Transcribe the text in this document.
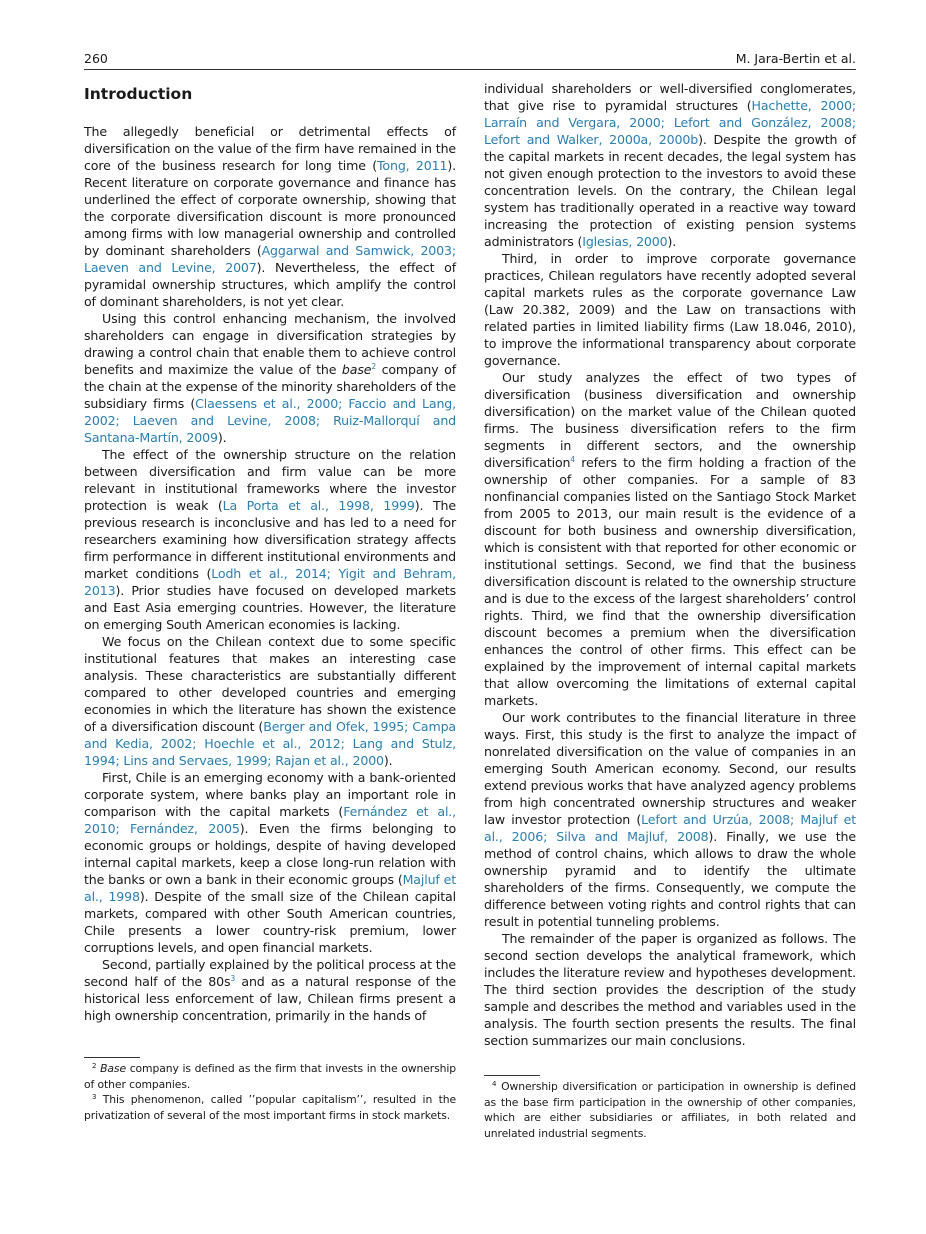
260	M. Jara-Bertin et al.
Introduction

The allegedly beneficial or detrimental effects of diversification on the value of the firm have remained in the core of the business research for long time (Tong, 2011). Recent literature on corporate governance and finance has underlined the effect of corporate ownership, showing that the corporate diversification discount is more pronounced among firms with low managerial ownership and controlled by dominant shareholders (Aggarwal and Samwick, 2003; Laeven and Levine, 2007). Nevertheless, the effect of pyramidal ownership structures, which amplify the control of dominant shareholders, is not yet clear.

Using this control enhancing mechanism, the involved shareholders can engage in diversification strategies by drawing a control chain that enable them to achieve control benefits and maximize the value of the base$^2$ company of the chain at the expense of the minority shareholders of the subsidiary firms (Claessens et al., 2000; Faccio and Lang, 2002; Laeven and Levine, 2008; Ruiz-Mallorquí and Santana-Martín, 2009).

The effect of the ownership structure on the relation between diversification and firm value can be more relevant in institutional frameworks where the investor protection is weak (La Porta et al., 1998, 1999). The previous research is inconclusive and has led to a need for researchers examining how diversification strategy affects firm performance in different institutional environments and market conditions (Lodh et al., 2014; Yigit and Behram, 2013). Prior studies have focused on developed markets and East Asia emerging countries. However, the literature on emerging South American economies is lacking.

We focus on the Chilean context due to some specific institutional features that makes an interesting case analysis. These characteristics are substantially different compared to other developed countries and emerging economies in which the literature has shown the existence of a diversification discount (Berger and Ofek, 1995; Campa and Kedia, 2002; Hoechle et al., 2012; Lang and Stulz, 1994; Lins and Servaes, 1999; Rajan et al., 2000).

First, Chile is an emerging economy with a bank-oriented corporate system, where banks play an important role in comparison with the capital markets (Fernández et al., 2010; Fernández, 2005). Even the firms belonging to economic groups or holdings, despite of having developed internal capital markets, keep a close long-run relation with the banks or own a bank in their economic groups (Majluf et al., 1998). Despite of the small size of the Chilean capital markets, compared with other South American countries, Chile presents a lower country-risk premium, lower corruptions levels, and open financial markets.

Second, partially explained by the political process at the second half of the 80s$^3$ and as a natural response of the historical less enforcement of law, Chilean firms present a high ownership concentration, primarily in the hands of

individual shareholders or well-diversified conglomerates, that give rise to pyramidal structures (Hachette, 2000; Larraín and Vergara, 2000; Lefort and González, 2008; Lefort and Walker, 2000a, 2000b). Despite the growth of the capital markets in recent decades, the legal system has not given enough protection to the investors to avoid these concentration levels. On the contrary, the Chilean legal system has traditionally operated in a reactive way toward increasing the protection of existing pension systems administrators (Iglesias, 2000).

Third, in order to improve corporate governance practices, Chilean regulators have recently adopted several capital markets rules as the corporate governance Law (Law 20.382, 2009) and the Law on transactions with related parties in limited liability firms (Law 18.046, 2010), to improve the informational transparency about corporate governance.

Our study analyzes the effect of two types of diversification (business diversification and ownership diversification) on the market value of the Chilean quoted firms. The business diversification refers to the firm segments in different sectors, and the ownership diversification$^4$ refers to the firm holding a fraction of the ownership of other companies. For a sample of 83 nonfinancial companies listed on the Santiago Stock Market from 2005 to 2013, our main result is the evidence of a discount for both business and ownership diversification, which is consistent with that reported for other economic or institutional settings. Second, we find that the business diversification discount is related to the ownership structure and is due to the excess of the largest shareholders’ control rights. Third, we find that the ownership diversification discount becomes a premium when the diversification enhances the control of other firms. This effect can be explained by the improvement of internal capital markets that allow overcoming the limitations of external capital markets.

Our work contributes to the financial literature in three ways. First, this study is the first to analyze the impact of nonrelated diversification on the value of companies in an emerging South American economy. Second, our results extend previous works that have analyzed agency problems from high concentrated ownership structures and weaker law investor protection (Lefort and Urzúa, 2008; Majluf et al., 2006; Silva and Majluf, 2008). Finally, we use the method of control chains, which allows to draw the whole ownership pyramid and to identify the ultimate shareholders of the firms. Consequently, we compute the difference between voting rights and control rights that can result in potential tunneling problems.

The remainder of the paper is organized as follows. The second section develops the analytical framework, which includes the literature review and hypotheses development. The third section provides the description of the study sample and describes the method and variables used in the analysis. The fourth section presents the results. The final section summarizes our main conclusions.

$^2$ Base company is defined as the firm that invests in the ownership of other companies.

$^3$ This phenomenon, called ’’popular capitalism’’, resulted in the privatization of several of the most important firms in stock markets.

$^4$ Ownership diversification or participation in ownership is defined as the base firm participation in the ownership of other companies, which are either subsidiaries or affiliates, in both related and unrelated industrial segments.
